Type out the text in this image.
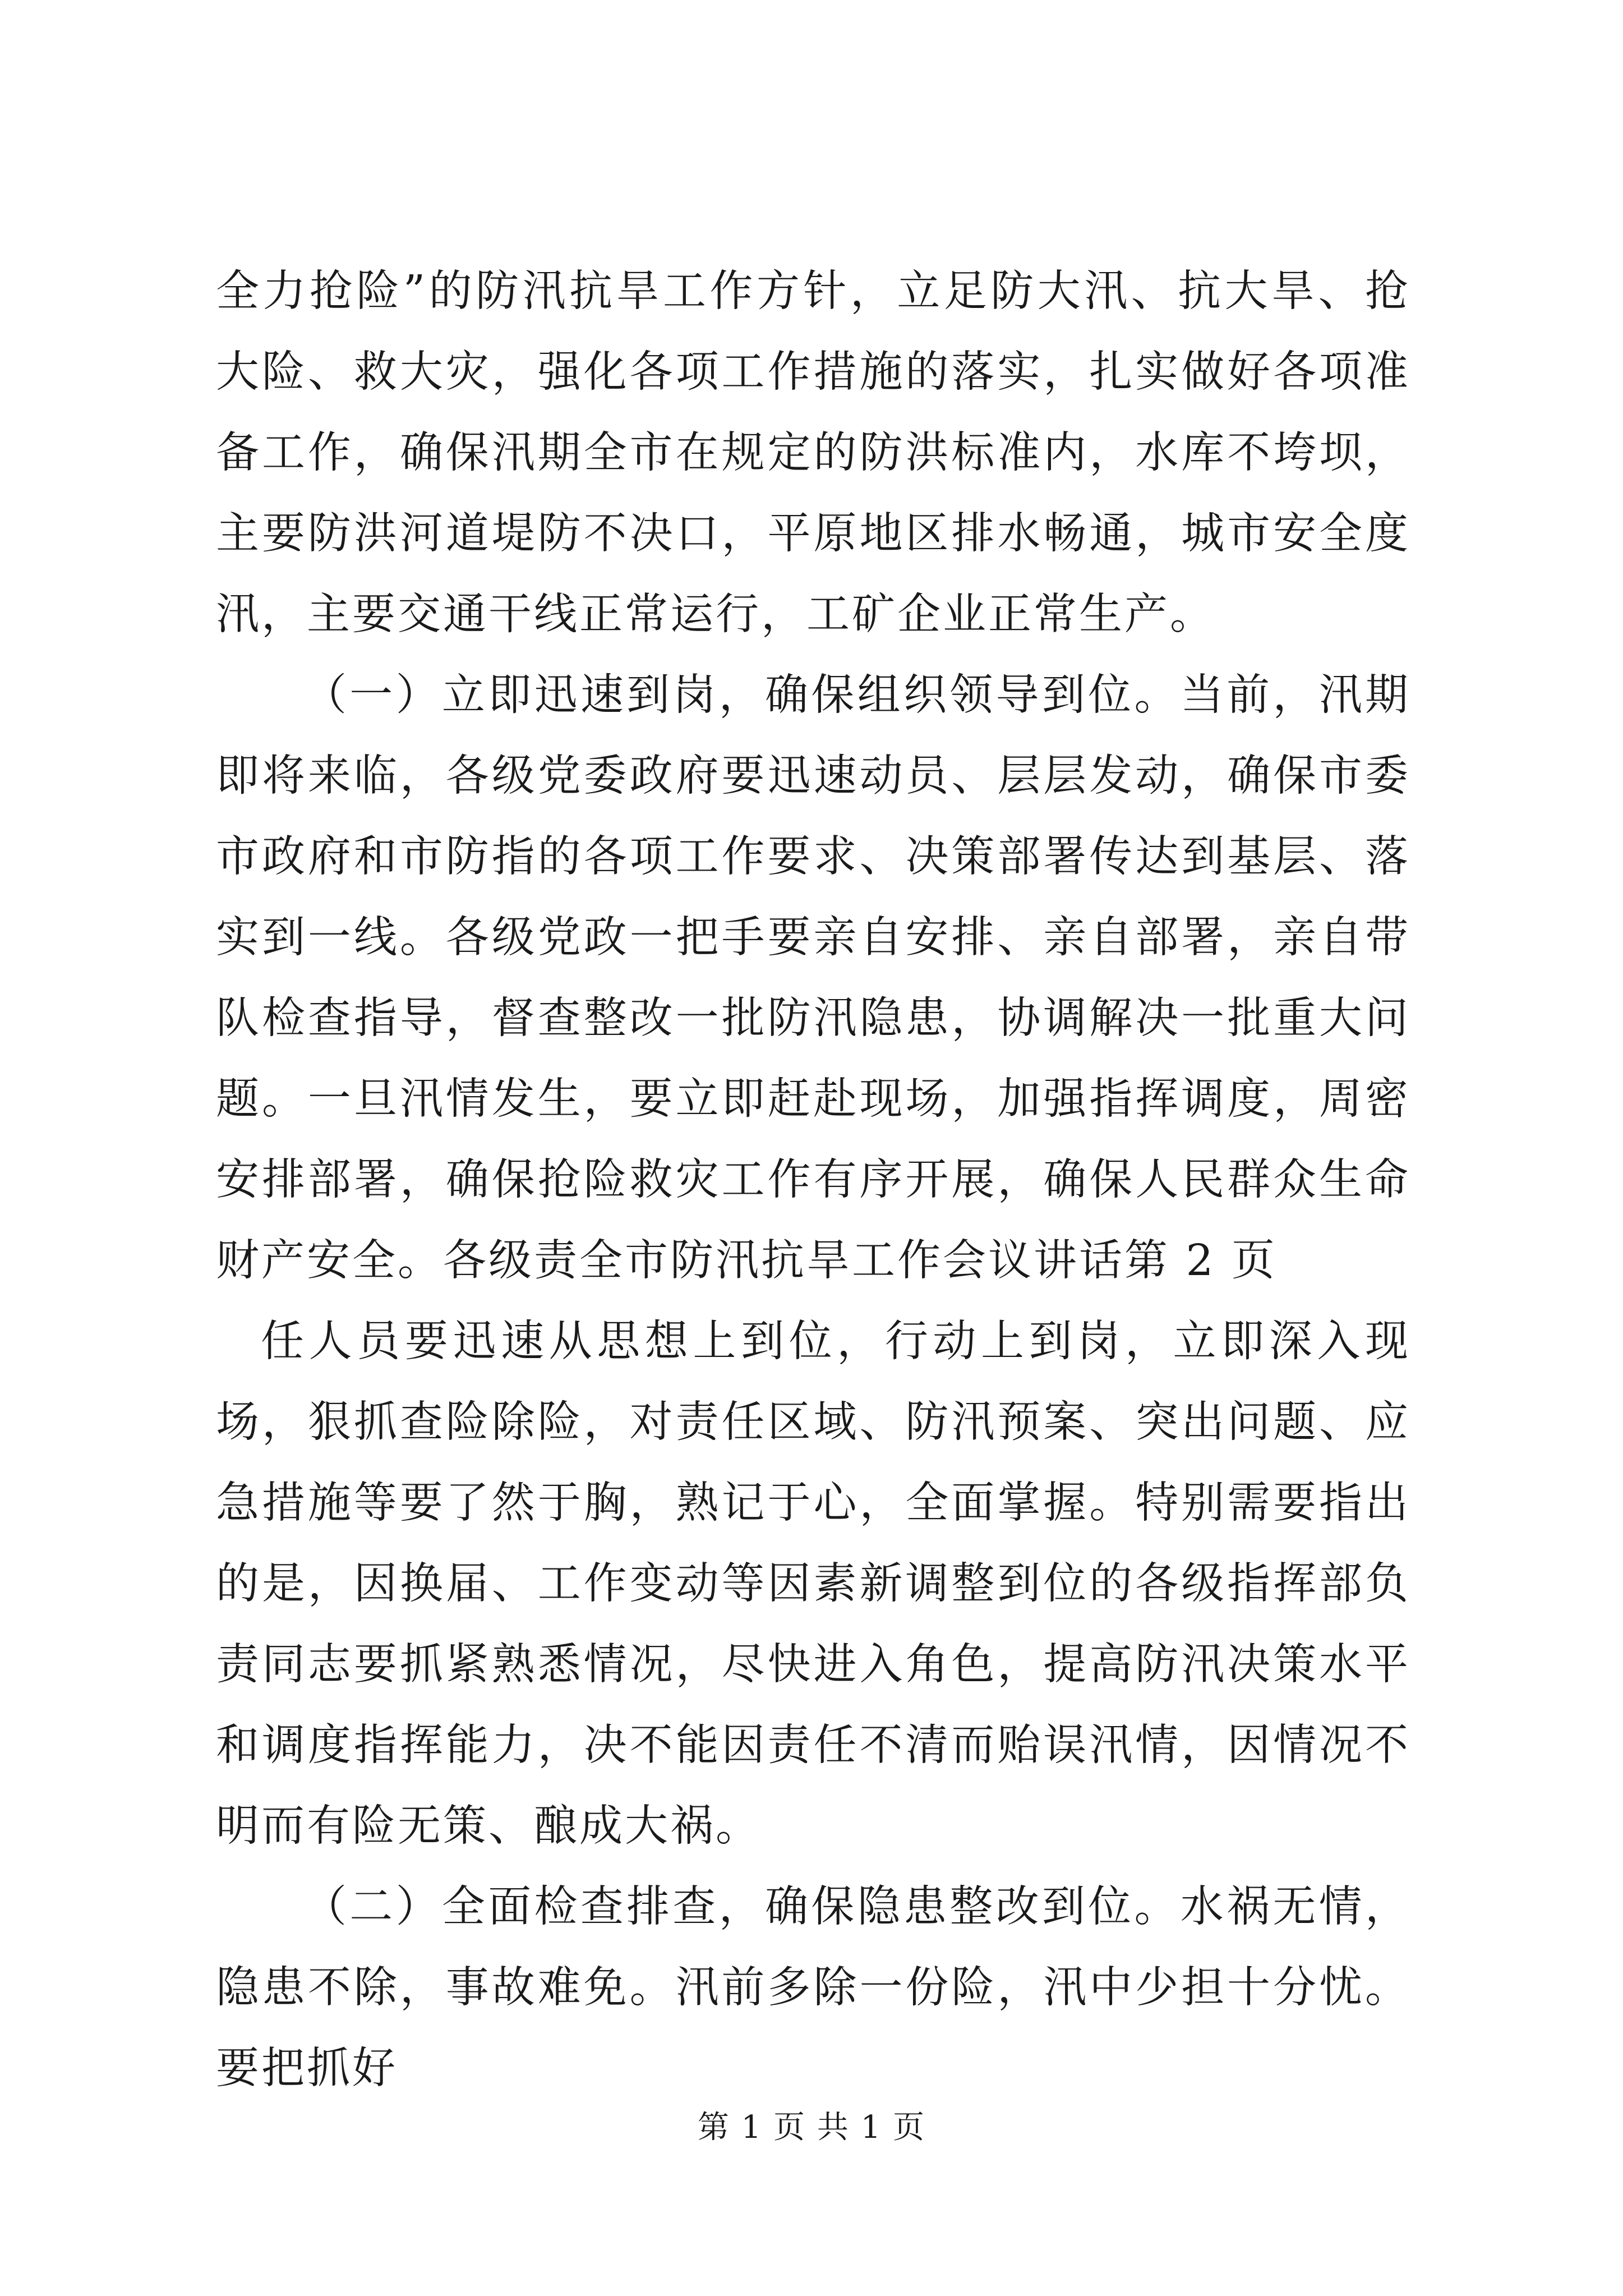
全力抢险”的防汛抗旱工作方针，立足防大汛、抗大旱、抢大险、救大灾，强化各项工作措施的落实，扎实做好各项准备工作，确保汛期全市在规定的防洪标准内，水库不垮坝，主要防洪河道堤防不决口，平原地区排水畅通，城市安全度汛，主要交通干线正常运行，工矿企业正常生产。

（一）立即迅速到岗，确保组织领导到位。当前，汛期即将来临，各级党委政府要迅速动员、层层发动，确保市委市政府和市防指的各项工作要求、决策部署传达到基层、落实到一线。各级党政一把手要亲自安排、亲自部署，亲自带队检查指导，督查整改一批防汛隐患，协调解决一批重大问题。一旦汛情发生，要立即赶赴现场，加强指挥调度，周密安排部署，确保抢险救灾工作有序开展，确保人民群众生命财产安全。各级责全市防汛抗旱工作会议讲话第 2 页

任人员要迅速从思想上到位，行动上到岗，立即深入现场，狠抓查险除险，对责任区域、防汛预案、突出问题、应急措施等要了然于胸，熟记于心，全面掌握。特别需要指出的是，因换届、工作变动等因素新调整到位的各级指挥部负责同志要抓紧熟悉情况，尽快进入角色，提高防汛决策水平和调度指挥能力，决不能因责任不清而贻误汛情，因情况不明而有险无策、酿成大祸。

（二）全面检查排查，确保隐患整改到位。水祸无情，隐患不除，事故难免。汛前多除一份险，汛中少担十分忧。要把抓好

第 1 页 共 1 页
